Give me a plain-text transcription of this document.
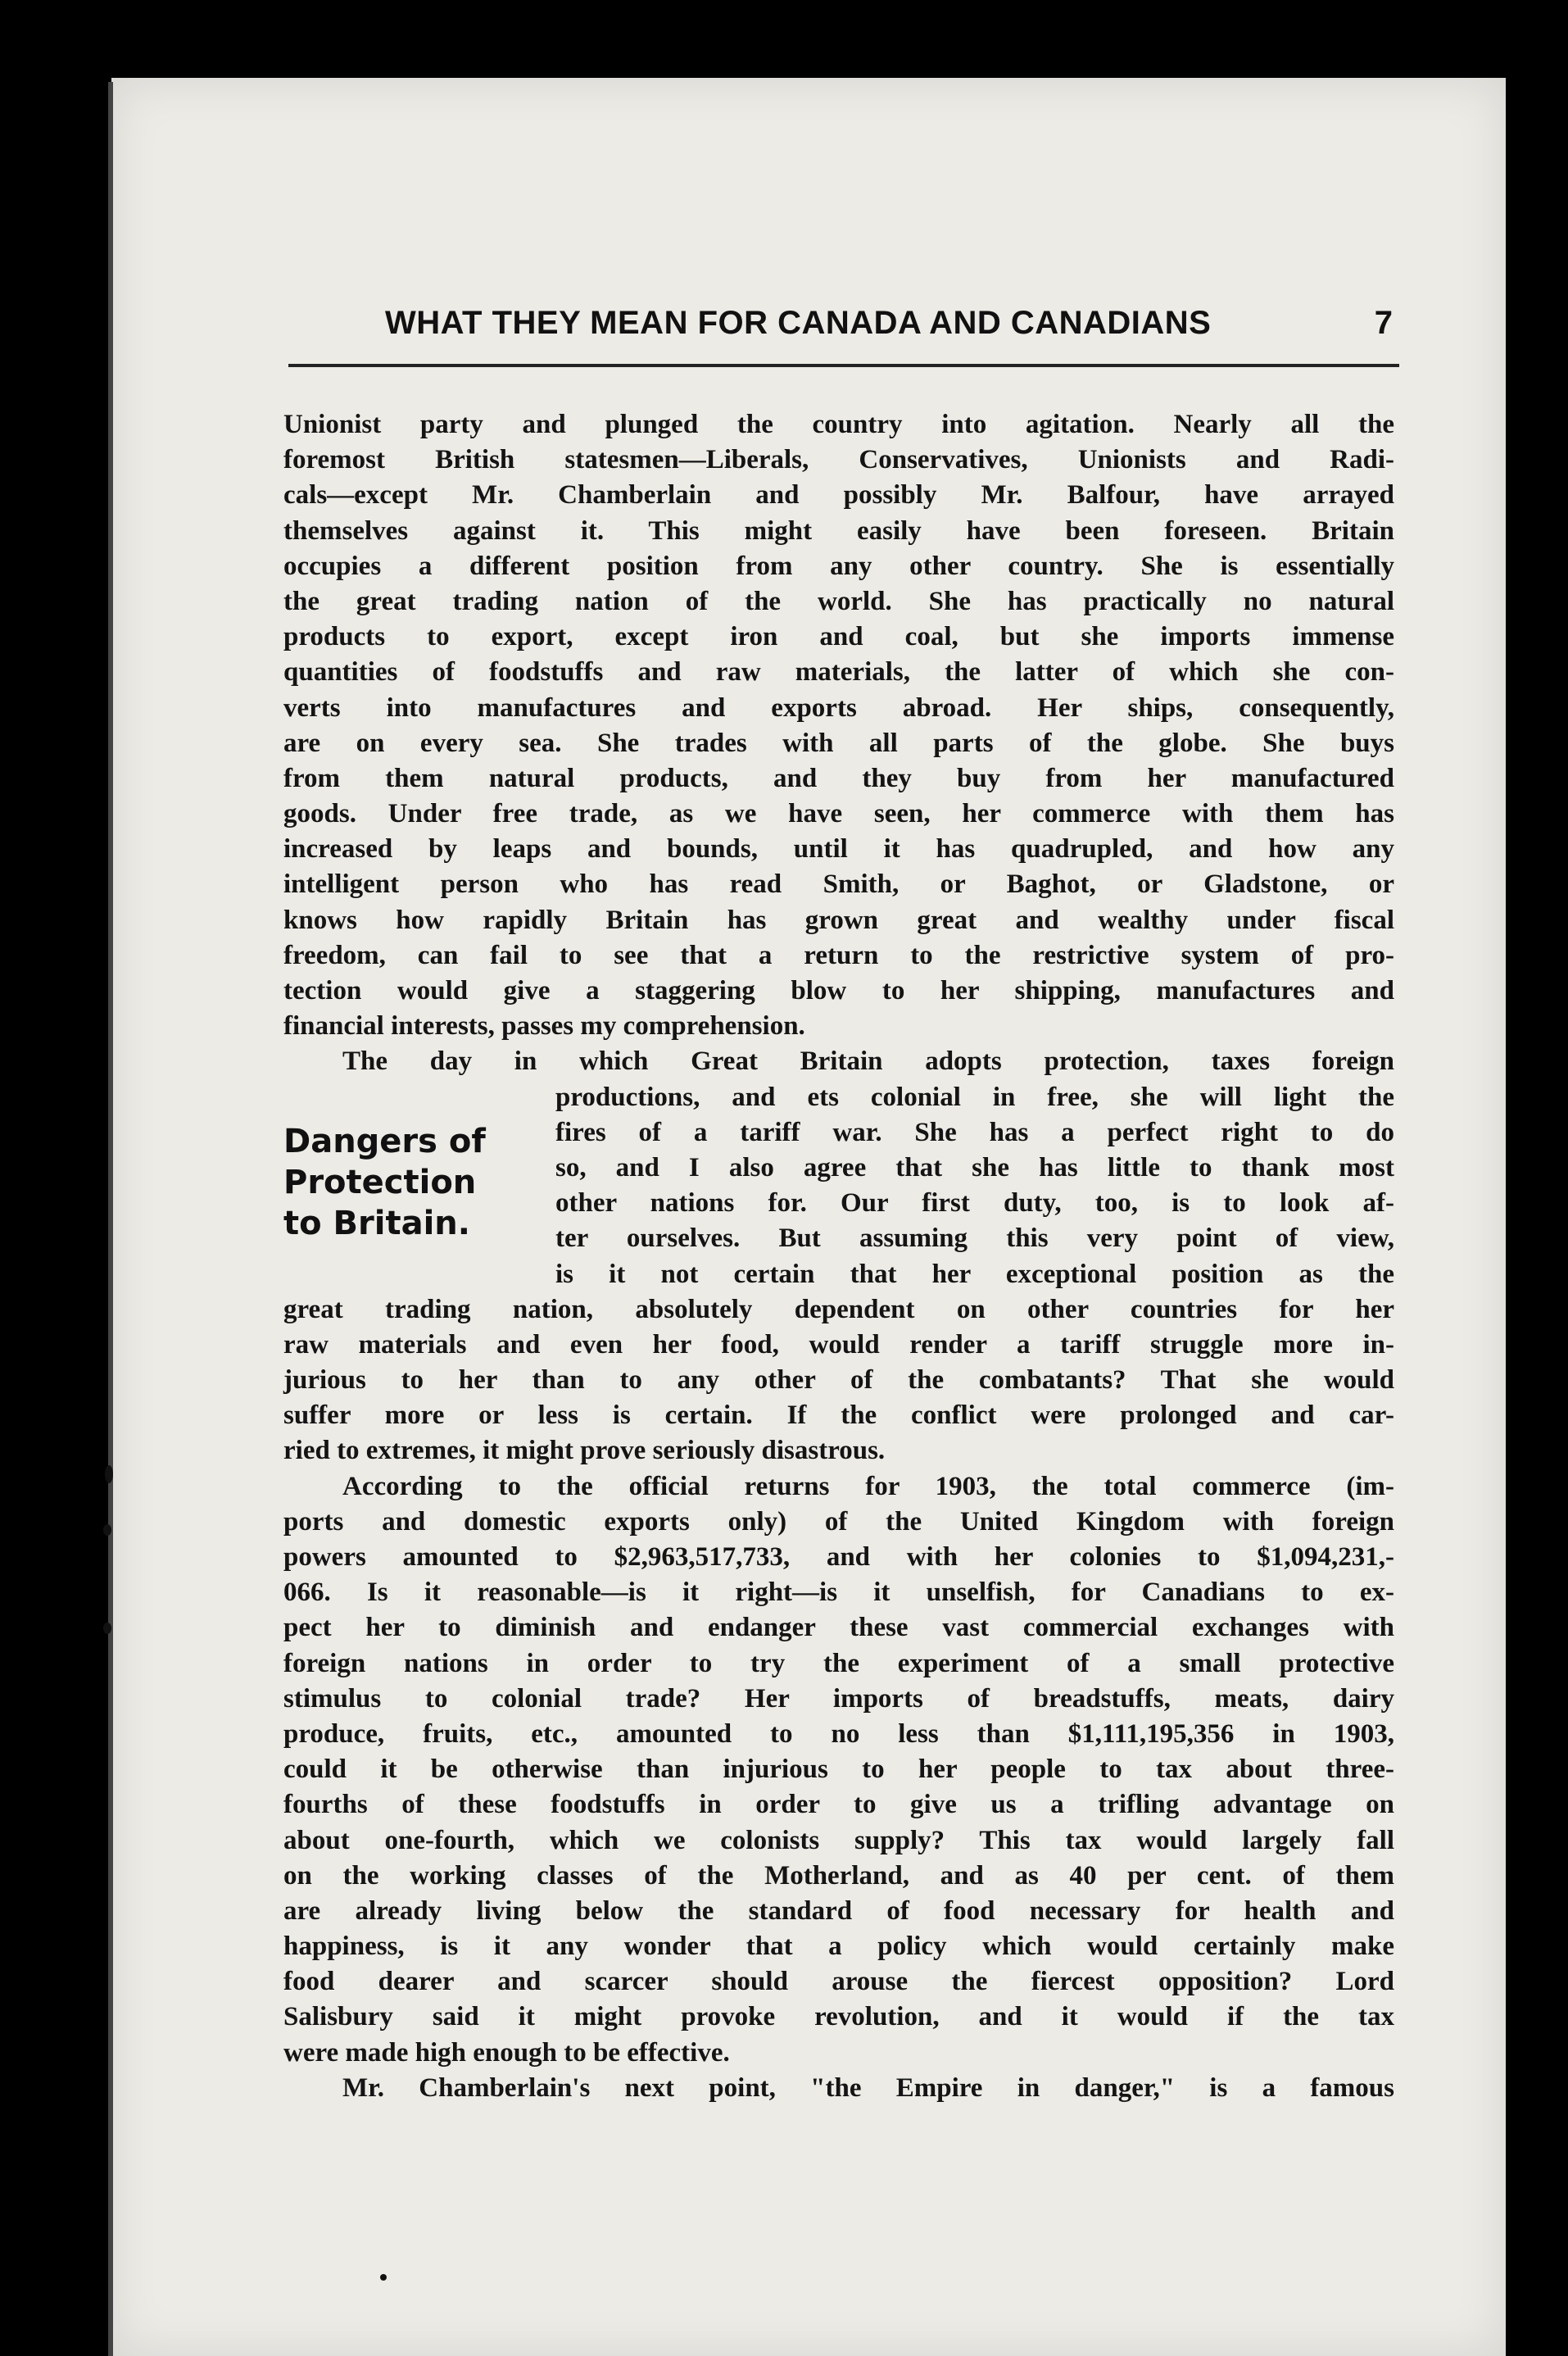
WHAT THEY MEAN FOR CANADA AND CANADIANS	7
Dangers of
Protection
to Britain.
Unionist party and plunged the country into agitation. Nearly all the
foremost British statesmen—Liberals, Conservatives, Unionists and Radi-
cals—except Mr. Chamberlain and possibly Mr. Balfour, have arrayed
themselves against it. This might easily have been foreseen. Britain
occupies a different position from any other country. She is essentially
the great trading nation of the world. She has practically no natural
products to export, except iron and coal, but she imports immense
quantities of foodstuffs and raw materials, the latter of which she con-
verts into manufactures and exports abroad. Her ships, consequently,
are on every sea. She trades with all parts of the globe. She buys
from them natural products, and they buy from her manufactured
goods. Under free trade, as we have seen, her commerce with them has
increased by leaps and bounds, until it has quadrupled, and how any
intelligent person who has read Smith, or Baghot, or Gladstone, or
knows how rapidly Britain has grown great and wealthy under fiscal
freedom, can fail to see that a return to the restrictive system of pro-
tection would give a staggering blow to her shipping, manufactures and
financial interests, passes my comprehension.
The day in which Great Britain adopts protection, taxes foreign
productions, and ets colonial in free, she will light the
fires of a tariff war. She has a perfect right to do
so, and I also agree that she has little to thank most
other nations for. Our first duty, too, is to look af-
ter ourselves. But assuming this very point of view,
is it not certain that her exceptional position as the
great trading nation, absolutely dependent on other countries for her
raw materials and even her food, would render a tariff struggle more in-
jurious to her than to any other of the combatants? That she would
suffer more or less is certain. If the conflict were prolonged and car-
ried to extremes, it might prove seriously disastrous.
According to the official returns for 1903, the total commerce (im-
ports and domestic exports only) of the United Kingdom with foreign
powers amounted to $2,963,517,733, and with her colonies to $1,094,231,-
066. Is it reasonable—is it right—is it unselfish, for Canadians to ex-
pect her to diminish and endanger these vast commercial exchanges with
foreign nations in order to try the experiment of a small protective
stimulus to colonial trade? Her imports of breadstuffs, meats, dairy
produce, fruits, etc., amounted to no less than $1,111,195,356 in 1903,
could it be otherwise than injurious to her people to tax about three-
fourths of these foodstuffs in order to give us a trifling advantage on
about one-fourth, which we colonists supply? This tax would largely fall
on the working classes of the Motherland, and as 40 per cent. of them
are already living below the standard of food necessary for health and
happiness, is it any wonder that a policy which would certainly make
food dearer and scarcer should arouse the fiercest opposition? Lord
Salisbury said it might provoke revolution, and it would if the tax
were made high enough to be effective.
Mr. Chamberlain's next point, "the Empire in danger," is a famous
